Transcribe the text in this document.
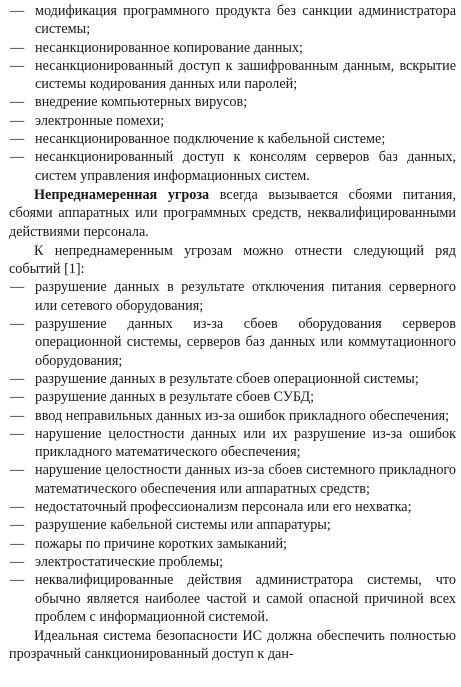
— модификация программного продукта без санкции администратора системы;
— несанкционированное копирование данных;
— несанкционированный доступ к зашифрованным данным, вскрытие системы кодирования данных или паролей;
— внедрение компьютерных вирусов;
— электронные помехи;
— несанкционированное подключение к кабельной системе;
— несанкционированный доступ к консолям серверов баз данных, систем управления информационных систем.

Непреднамеренная угроза всегда вызывается сбоями питания, сбоями аппаратных или программных средств, неквалифицированными действиями персонала.

К непреднамеренным угрозам можно отнести следующий ряд событий [1]:

— разрушение данных в результате отключения питания серверного или сетевого оборудования;
— разрушение данных из-за сбоев оборудования серверов операционной системы, серверов баз данных или коммутационного оборудования;
— разрушение данных в результате сбоев операционной системы;
— разрушение данных в результате сбоев СУБД;
— ввод неправильных данных из-за ошибок прикладного обеспечения;
— нарушение целостности данных или их разрушение из-за ошибок прикладного математического обеспечения;
— нарушение целостности данных из-за сбоев системного прикладного математического обеспечения или аппаратных средств;
— недостаточный профессионализм персонала или его нехватка;
— разрушение кабельной системы или аппаратуры;
— пожары по причине коротких замыканий;
— электростатические проблемы;
— неквалифицированные действия администратора системы, что обычно является наиболее частой и самой опасной причиной всех проблем с информационной системой.

Идеальная система безопасности ИС должна обеспечить полностью прозрачный санкционированный доступ к дан-
